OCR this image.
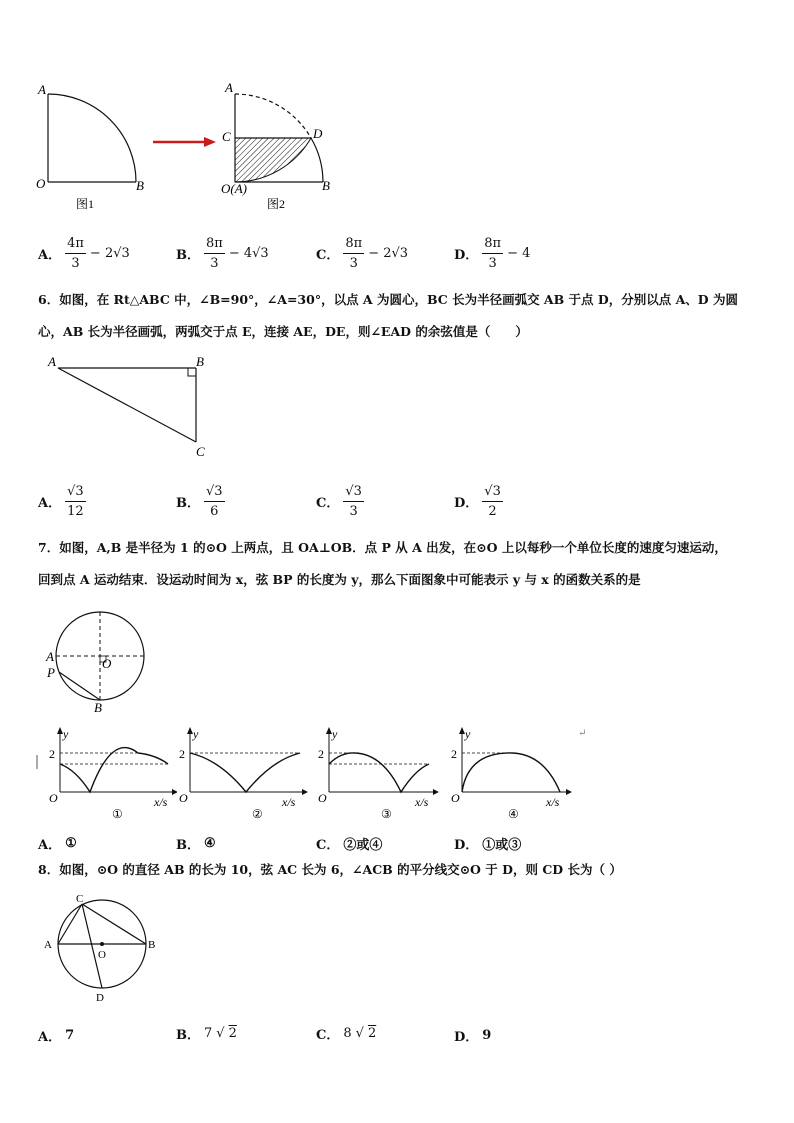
A
O	B
图1
A
C	D
O(A)	B
图2
A． $\frac{4\pi}{3} - 2√3$	B． $\frac{8\pi}{3} - 4√3$	C． $\frac{8\pi}{3} - 2√3$	D． $\frac{8\pi}{3} - 4$
6．如图，在 Rt△ABC 中，∠B=90°，∠A=30°，以点 A 为圆心，BC 长为半径画弧交 AB 于点 D，分别以点 A、D 为圆
心，AB 长为半径画弧，两弧交于点 E，连接 AE，DE，则∠EAD 的余弦值是（　　）
A	B
C
A． $\frac{√3}{12}$	B． $\frac{√3}{6}$	C． $\frac{√3}{3}$	D． $\frac{√3}{2}$
7．如图，A,B 是半径为 1 的⊙O 上两点，且 OA⊥OB．点 P 从 A 出发，在⊙O 上以每秒一个单位长度的速度匀速运动，
回到点 A 运动结束．设运动时间为 x，弦 BP 的长度为 y，那么下面图象中可能表示 y 与 x 的函数关系的是
A
P
O
B
y
2
O	x/s
①
y
2
O	x/s
②
y
2
O	x/s
③
y
2
O	x/s
④
↵
A． ①	B． ④	C． ②或④	D． ①或③
8．如图，⊙O 的直径 AB 的长为 10，弦 AC 长为 6，∠ACB 的平分线交⊙O 于 D，则 CD 长为（ ）
C
A	B
O
D
A． 7	B． 7 √ 2	C． 8 √ 2	D． 9
